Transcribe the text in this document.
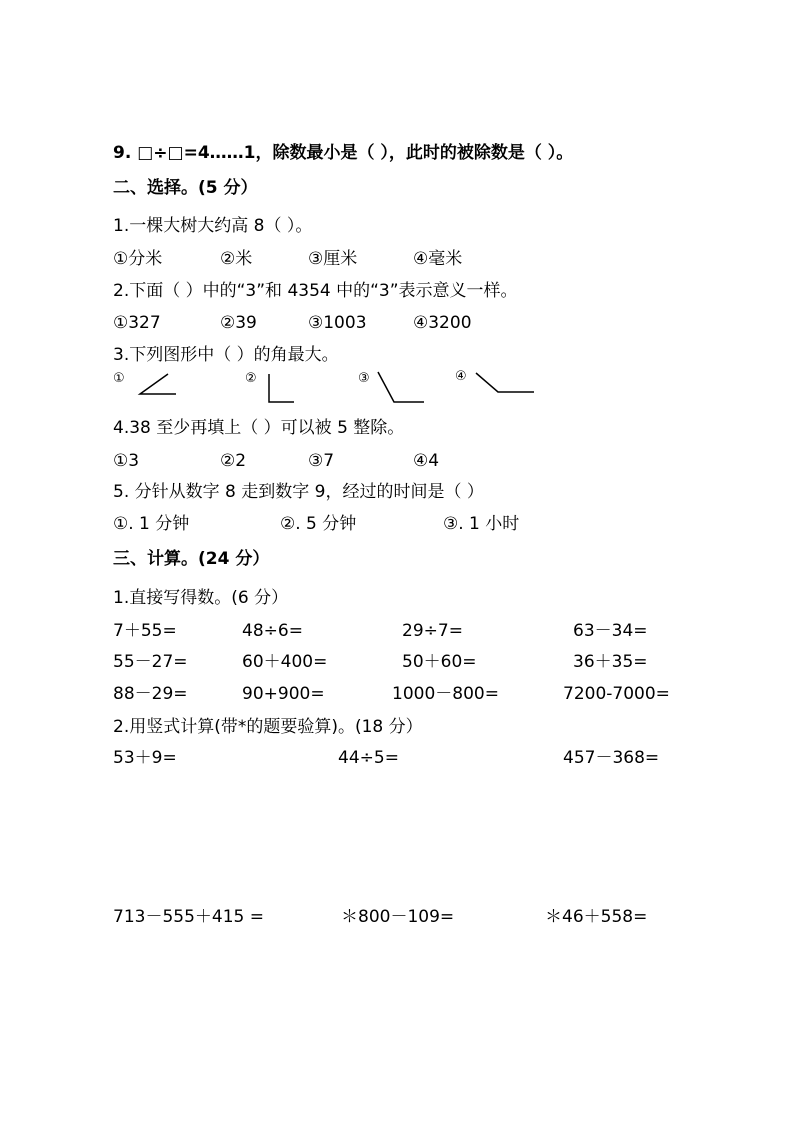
9. □÷□=4……1，除数最小是（ ），此时的被除数是（ ）。
二、选择。(5 分）
1.一棵大树大约高 8（ ）。
①分米	②米	③厘米	④毫米
2.下面（ ）中的“3”和 4354 中的“3”表示意义一样。
①327	②39	③1003	④3200
3.下列图形中（ ）的角最大。
①	②	③	④
4.38 至少再填上（ ）可以被 5 整除。
①3	②2	③7	④4
5. 分针从数字 8 走到数字 9，经过的时间是（ ）
①. 1 分钟	②. 5 分钟	③. 1 小时
三、计算。(24 分）
1.直接写得数。(6 分）
7＋55=	48÷6=	29÷7=	63－34=
55－27=	60＋400=	50＋60=	36＋35=
88－29=	90+900=	1000－800=	7200-7000=
2.用竖式计算(带*的题要验算)。(18 分）
53＋9=	44÷5=	457－368=
713－555＋415 =	＊800－109=	＊46＋558=
